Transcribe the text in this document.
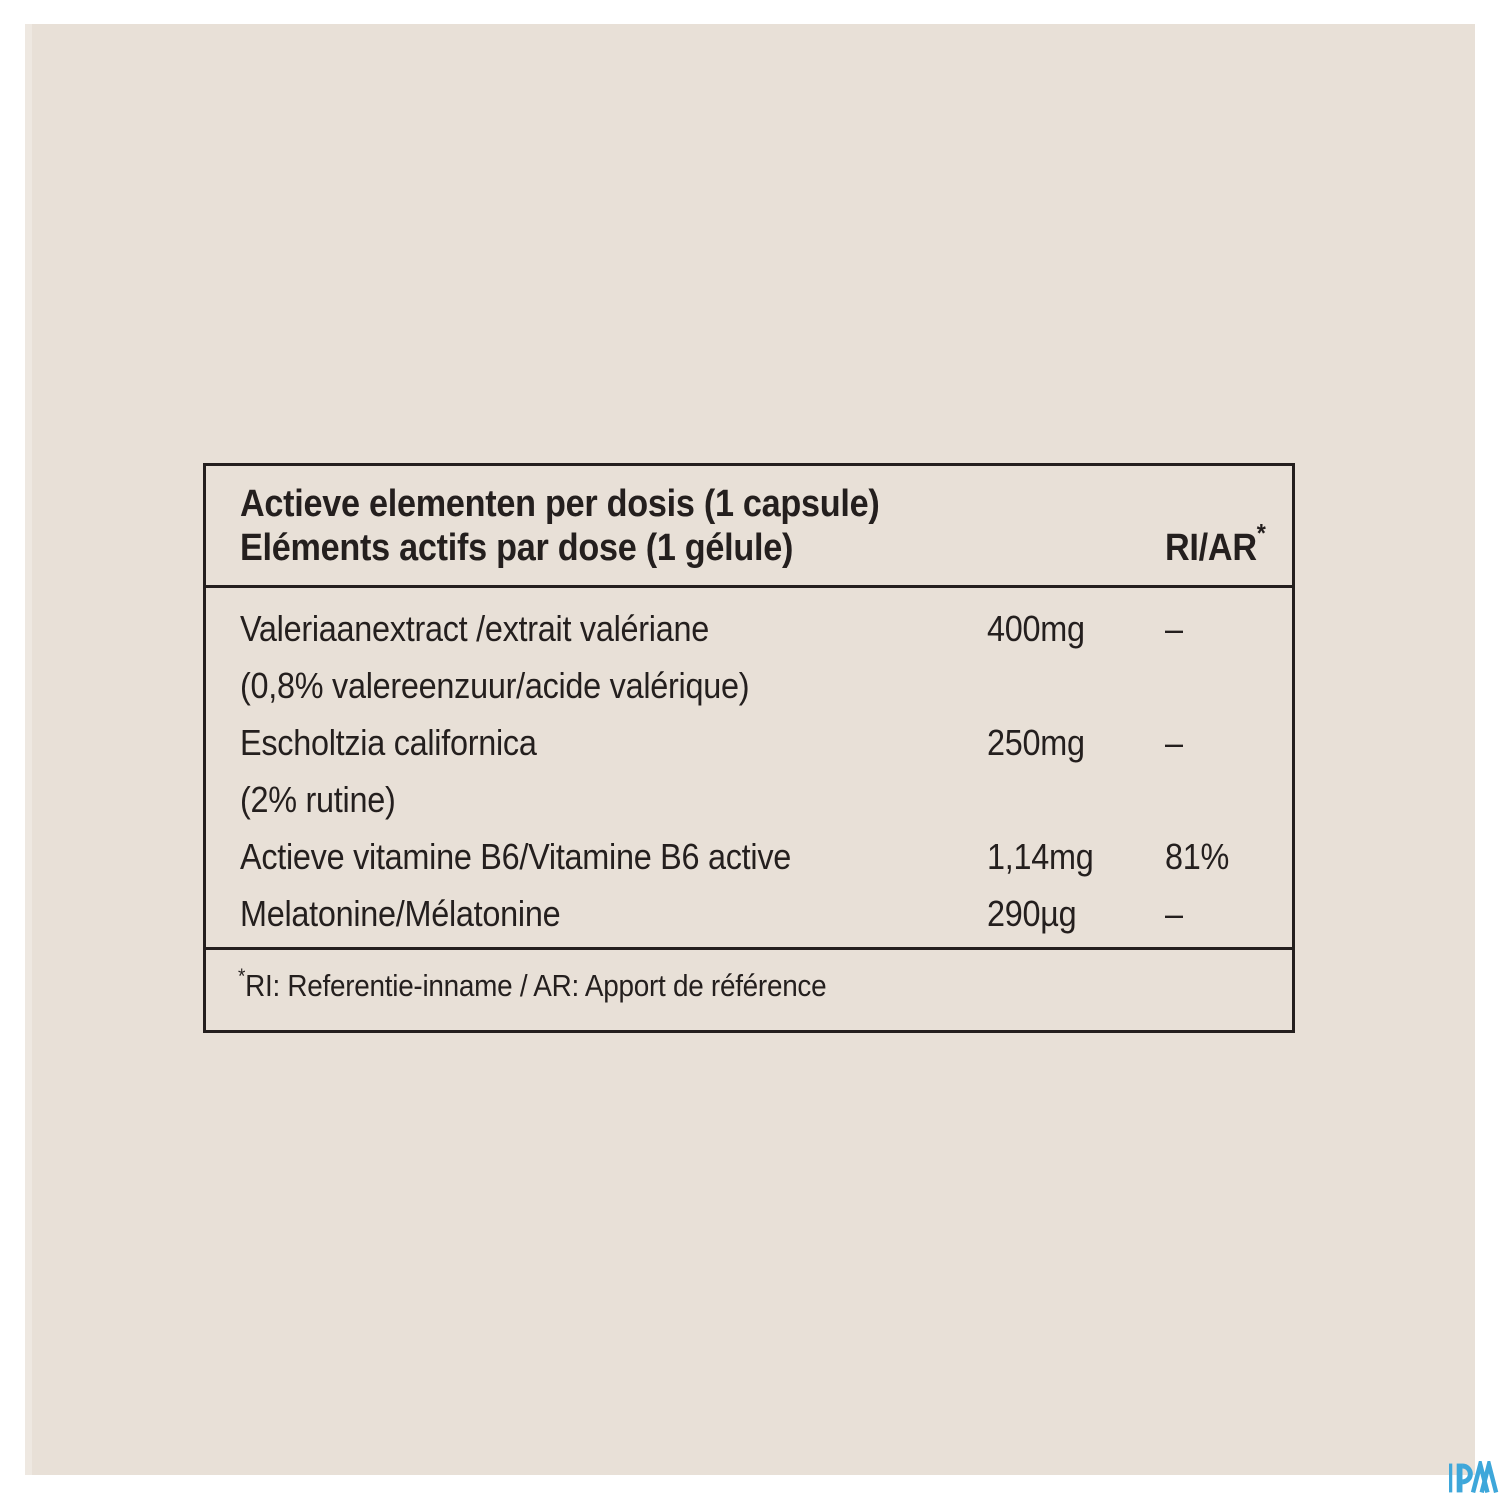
Actieve elementen per dosis (1 capsule)
Eléments actifs par dose (1 gélule)	RI/AR*
Valeriaanextract /extrait valériane	400mg	–
(0,8% valereenzuur/acide valérique)
Escholtzia californica	250mg	–
(2% rutine)
Actieve vitamine B6/Vitamine B6 active	1,14mg	81%
Melatonine/Mélatonine	290µg	–
*RI: Referentie-inname / AR: Apport de référence
